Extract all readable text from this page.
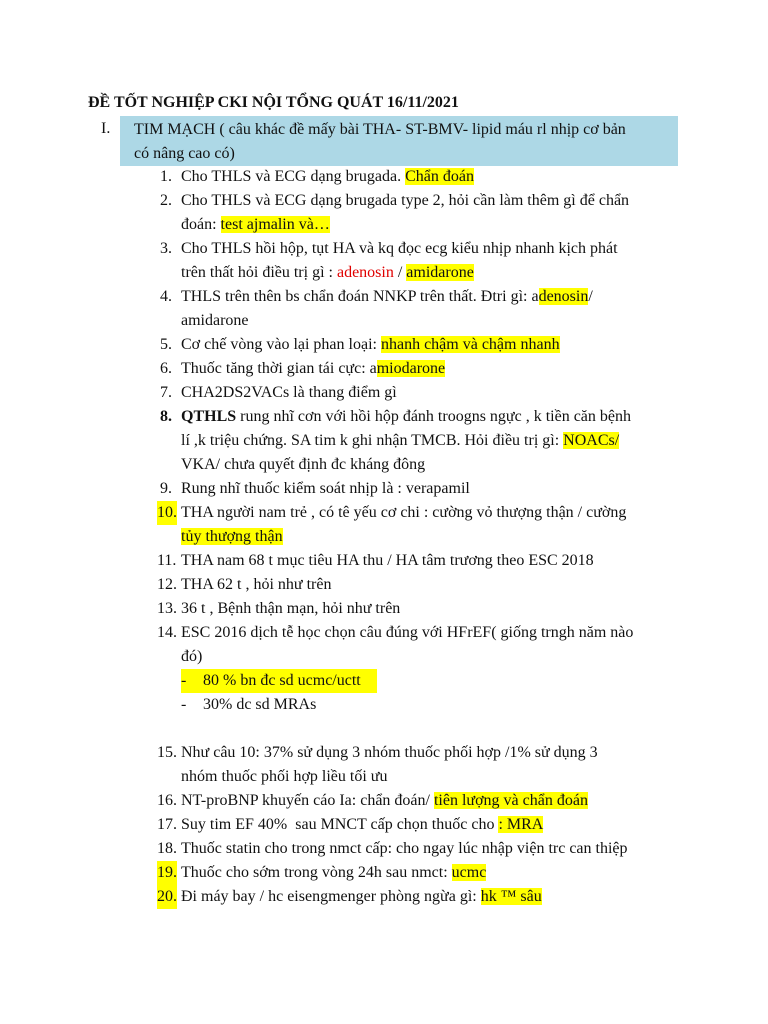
ĐỀ TỐT NGHIỆP CKI NỘI TỔNG QUÁT 16/11/2021
I. TIM MẠCH ( câu khác đề mấy bài THA- ST-BMV- lipid máu rl nhịp cơ bản
có nâng cao có)
1. Cho THLS và ECG dạng brugada. Chẩn đoán
2. Cho THLS và ECG dạng brugada type 2, hỏi cần làm thêm gì để chẩn
đoán: test ajmalin và…
3. Cho THLS hồi hộp, tụt HA và kq đọc ecg kiểu nhịp nhanh kịch phát
trên thất hỏi điều trị gì : adenosin / amidarone
4. THLS trên thên bs chẩn đoán NNKP trên thất. Đtri gì: adenosin/
amidarone
5. Cơ chế vòng vào lại phan loại: nhanh chậm và chậm nhanh
6. Thuốc tăng thời gian tái cực: amiodarone
7. CHA2DS2VACs là thang điểm gì
8. QTHLS rung nhĩ cơn với hồi hộp đánh troogns ngực , k tiền căn bệnh
lí ,k triệu chứng. SA tim k ghi nhận TMCB. Hỏi điều trị gì: NOACs/
VKA/ chưa quyết định đc kháng đông
9. Rung nhĩ thuốc kiểm soát nhịp là : verapamil
10. THA người nam trẻ , có tê yếu cơ chi : cường vỏ thượng thận / cường
tủy thượng thận
11. THA nam 68 t mục tiêu HA thu / HA tâm trương theo ESC 2018
12. THA 62 t , hỏi như trên
13. 36 t , Bệnh thận mạn, hỏi như trên
14. ESC 2016 dịch tễ học chọn câu đúng với HFrEF( giống trngh năm nào
đó)
- 80 % bn đc sd ucmc/uctt
- 30% dc sd MRAs
15. Như câu 10: 37% sử dụng 3 nhóm thuốc phối hợp /1% sử dụng 3
nhóm thuốc phối hợp liều tối ưu
16. NT-proBNP khuyến cáo Ia: chẩn đoán/ tiên lượng và chẩn đoán
17. Suy tim EF 40%  sau MNCT cấp chọn thuốc cho : MRA
18. Thuốc statin cho trong nmct cấp: cho ngay lúc nhập viện trc can thiệp
19. Thuốc cho sớm trong vòng 24h sau nmct: ucmc
20. Đi máy bay / hc eisengmenger phòng ngừa gì: hk ™ sâu
